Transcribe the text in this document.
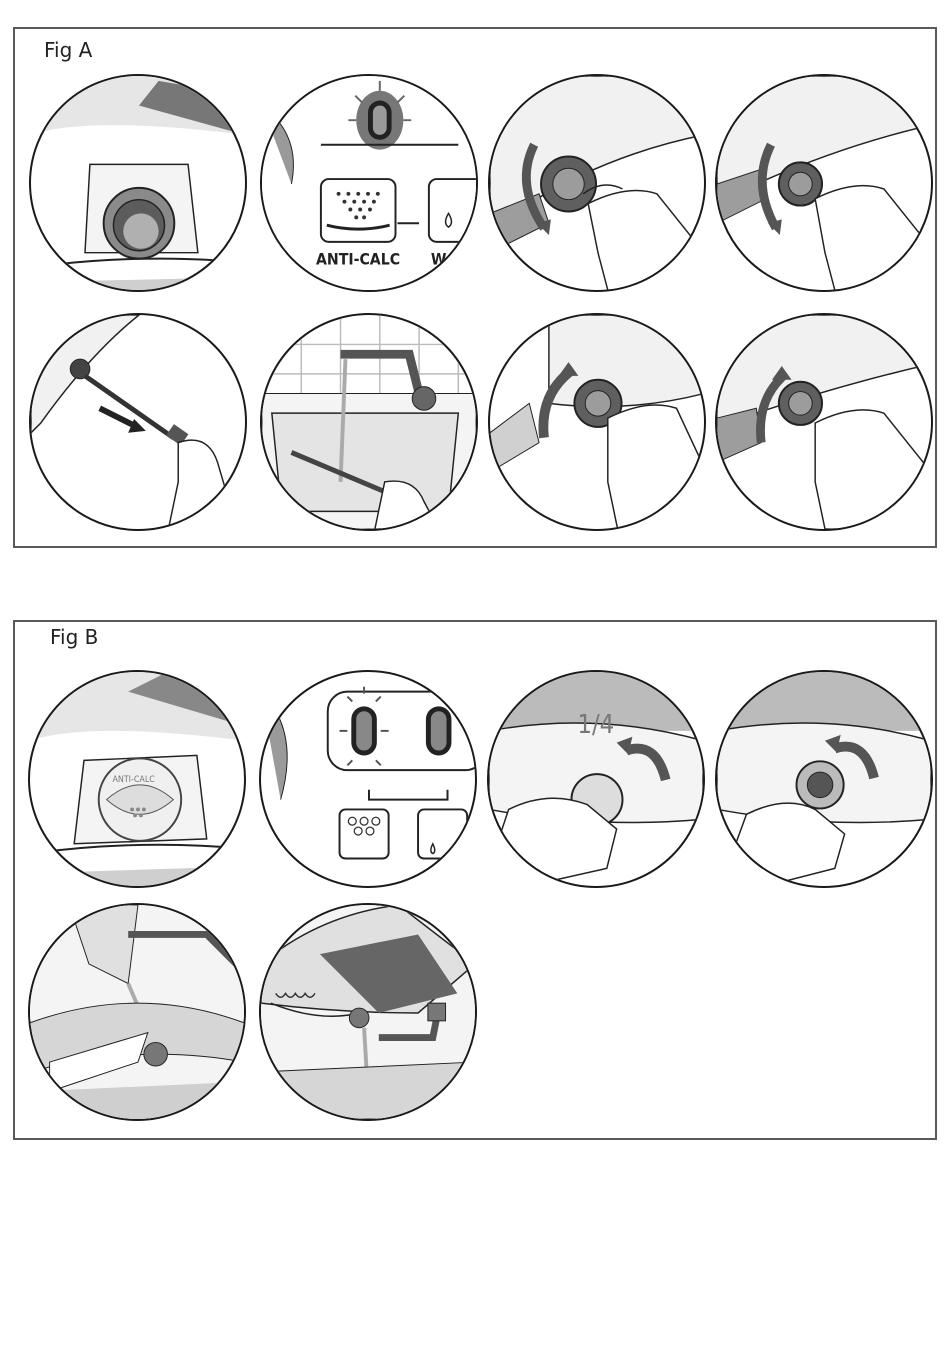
Fig A
ANTI-CALC W
Fig B
ANTI-CALC
1/4
